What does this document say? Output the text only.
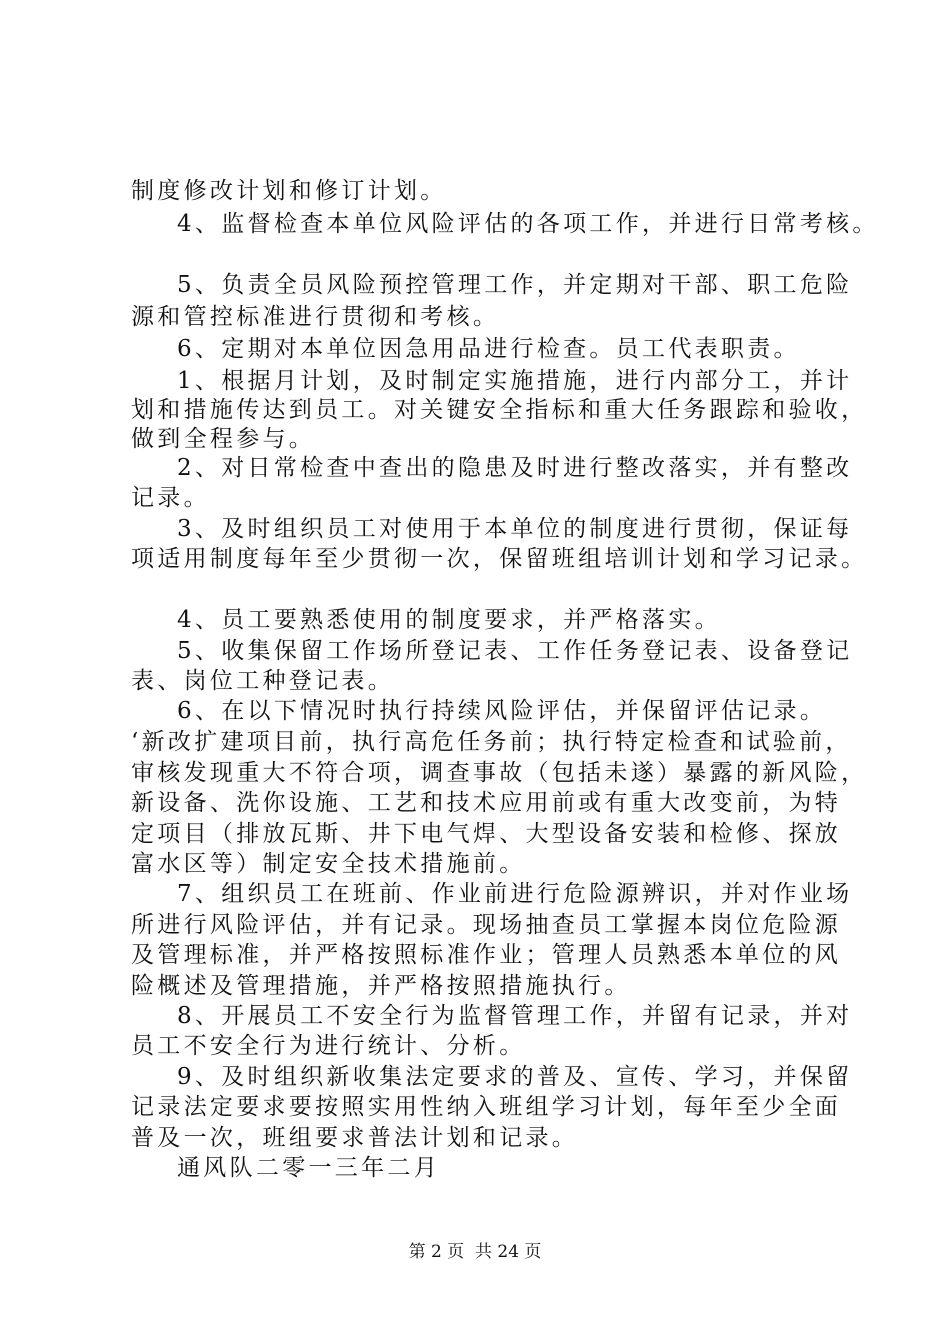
制度修改计划和修订计划。
4、监督检查本单位风险评估的各项工作，并进行日常考核。
5、负责全员风险预控管理工作，并定期对干部、职工危险
源和管控标准进行贯彻和考核。
6、定期对本单位因急用品进行检查。员工代表职责。
1、根据月计划，及时制定实施措施，进行内部分工，并计
划和措施传达到员工。对关键安全指标和重大任务跟踪和验收，
做到全程参与。
2、对日常检查中查出的隐患及时进行整改落实，并有整改
记录。
3、及时组织员工对使用于本单位的制度进行贯彻，保证每
项适用制度每年至少贯彻一次，保留班组培训计划和学习记录。
4、员工要熟悉使用的制度要求，并严格落实。
5、收集保留工作场所登记表、工作任务登记表、设备登记
表、岗位工种登记表。
6、在以下情况时执行持续风险评估，并保留评估记录。
‘新改扩建项目前，执行高危任务前；执行特定检查和试验前，
审核发现重大不符合项，调查事故（包括未遂）暴露的新风险，
新设备、洗你设施、工艺和技术应用前或有重大改变前，为特
定项目（排放瓦斯、井下电气焊、大型设备安装和检修、探放
富水区等）制定安全技术措施前。
7、组织员工在班前、作业前进行危险源辨识，并对作业场
所进行风险评估，并有记录。现场抽查员工掌握本岗位危险源
及管理标准，并严格按照标准作业；管理人员熟悉本单位的风
险概述及管理措施，并严格按照措施执行。
8、开展员工不安全行为监督管理工作，并留有记录，并对
员工不安全行为进行统计、分析。
9、及时组织新收集法定要求的普及、宣传、学习，并保留
记录法定要求要按照实用性纳入班组学习计划，每年至少全面
普及一次，班组要求普法计划和记录。
通风队二零一三年二月
第 2 页  共 24 页
